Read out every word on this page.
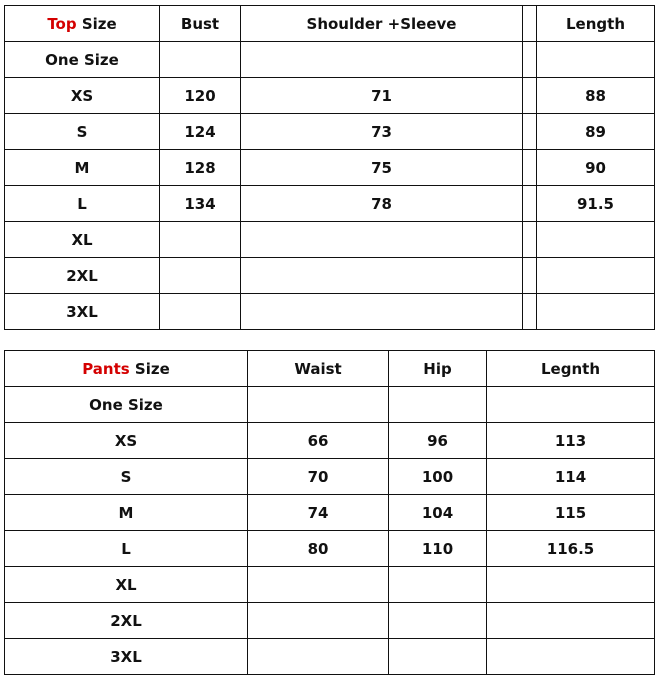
Top Size	Bust	Shoulder +Sleeve		Length
One Size				
XS	120	71		88
S	124	73		89
M	128	75		90
L	134	78		91.5
XL				
2XL				
3XL				
Pants Size	Waist	Hip	Legnth
One Size			
XS	66	96	113
S	70	100	114
M	74	104	115
L	80	110	116.5
XL			
2XL			
3XL			
